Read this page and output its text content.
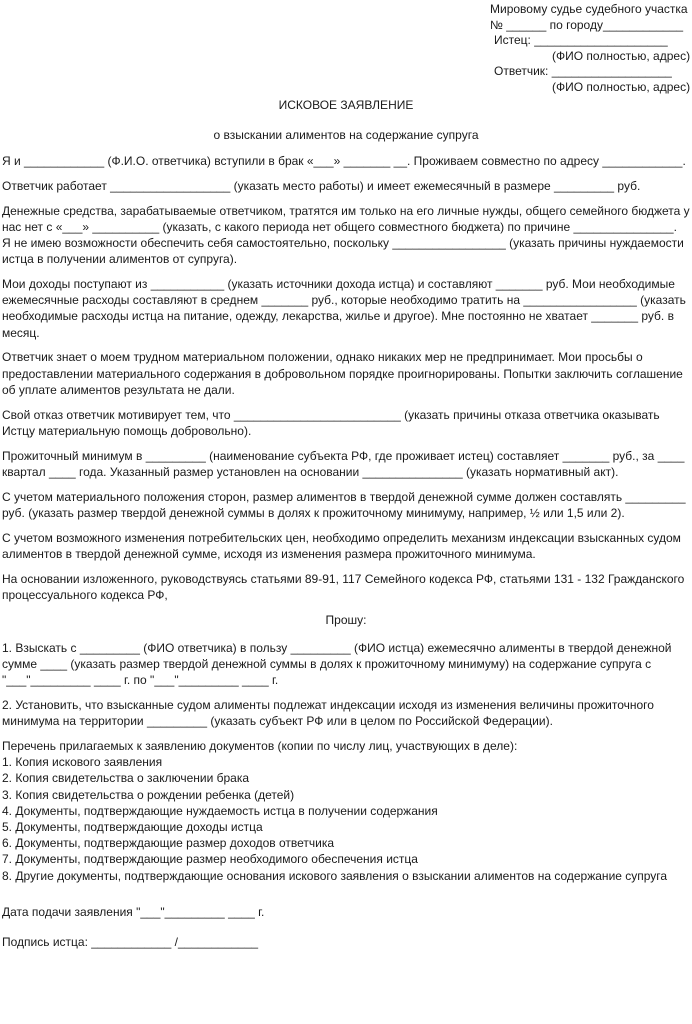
Мировому судье судебного участка
№ ______ по городу____________
Истец: ____________________
(ФИО полностью, адрес)
Ответчик: __________________
(ФИО полностью, адрес)
ИСКОВОЕ ЗАЯВЛЕНИЕ
о взыскании алиментов на содержание супруга

Я и ____________ (Ф.И.О. ответчика) вступили в брак «___» _______ __. Проживаем совместно по адресу ____________.

Ответчик работает __________________ (указать место работы) и имеет ежемесячный в размере _________ руб.

Денежные средства, зарабатываемые ответчиком, тратятся им только на его личные нужды, общего семейного бюджета у нас нет с «___» __________ (указать, с какого периода нет общего совместного бюджета) по причине _______________.

Я не имею возможности обеспечить себя самостоятельно, поскольку _________________ (указать причины нуждаемости истца в получении алиментов от супруга).

Мои доходы поступают из ___________ (указать источники дохода истца) и составляют _______ руб. Мои необходимые ежемесячные расходы составляют в среднем _______ руб., которые необходимо тратить на _________________ (указать необходимые расходы истца на питание, одежду, лекарства, жилье и другое). Мне постоянно не хватает _______ руб. в месяц.

Ответчик знает о моем трудном материальном положении, однако никаких мер не предпринимает. Мои просьбы о предоставлении материального содержания в добровольном порядке проигнорированы. Попытки заключить соглашение об уплате алиментов результата не дали.

Свой отказ ответчик мотивирует тем, что _________________________ (указать причины отказа ответчика оказывать Истцу материальную помощь добровольно).

Прожиточный минимум в _________ (наименование субъекта РФ, где проживает истец) составляет _______ руб., за ____ квартал ____ года. Указанный размер установлен на основании _______________ (указать нормативный акт).

С учетом материального положения сторон, размер алиментов в твердой денежной сумме должен составлять _________ руб. (указать размер твердой денежной суммы в долях к прожиточному минимуму, например, ½ или 1,5 или 2).

С учетом возможного изменения потребительских цен, необходимо определить механизм индексации взысканных судом алиментов в твердой денежной сумме, исходя из изменения размера прожиточного минимума.

На основании изложенного, руководствуясь статьями 89-91, 117 Семейного кодекса РФ, статьями 131 - 132 Гражданского процессуального кодекса РФ,

Прошу:

1. Взыскать с _________ (ФИО ответчика) в пользу _________ (ФИО истца) ежемесячно алименты в твердой денежной сумме ____ (указать размер твердой денежной суммы в долях к прожиточному минимуму) на содержание супруга с "___"_________ ____ г. по "___"_________ ____ г.

2. Установить, что взысканные судом алименты подлежат индексации исходя из изменения величины прожиточного минимума на территории _________ (указать субъект РФ или в целом по Российской Федерации).

Перечень прилагаемых к заявлению документов (копии по числу лиц, участвующих в деле):

1. Копия искового заявления
2. Копия свидетельства о заключении брака
3. Копия свидетельства о рождении ребенка (детей)
4. Документы, подтверждающие нуждаемость истца в получении содержания
5. Документы, подтверждающие доходы истца
6. Документы, подтверждающие размер доходов ответчика
7. Документы, подтверждающие размер необходимого обеспечения истца
8. Другие документы, подтверждающие основания искового заявления о взыскании алиментов на содержание супруга

Дата подачи заявления "___"_________ ____ г.

Подпись истца: ____________ /____________
